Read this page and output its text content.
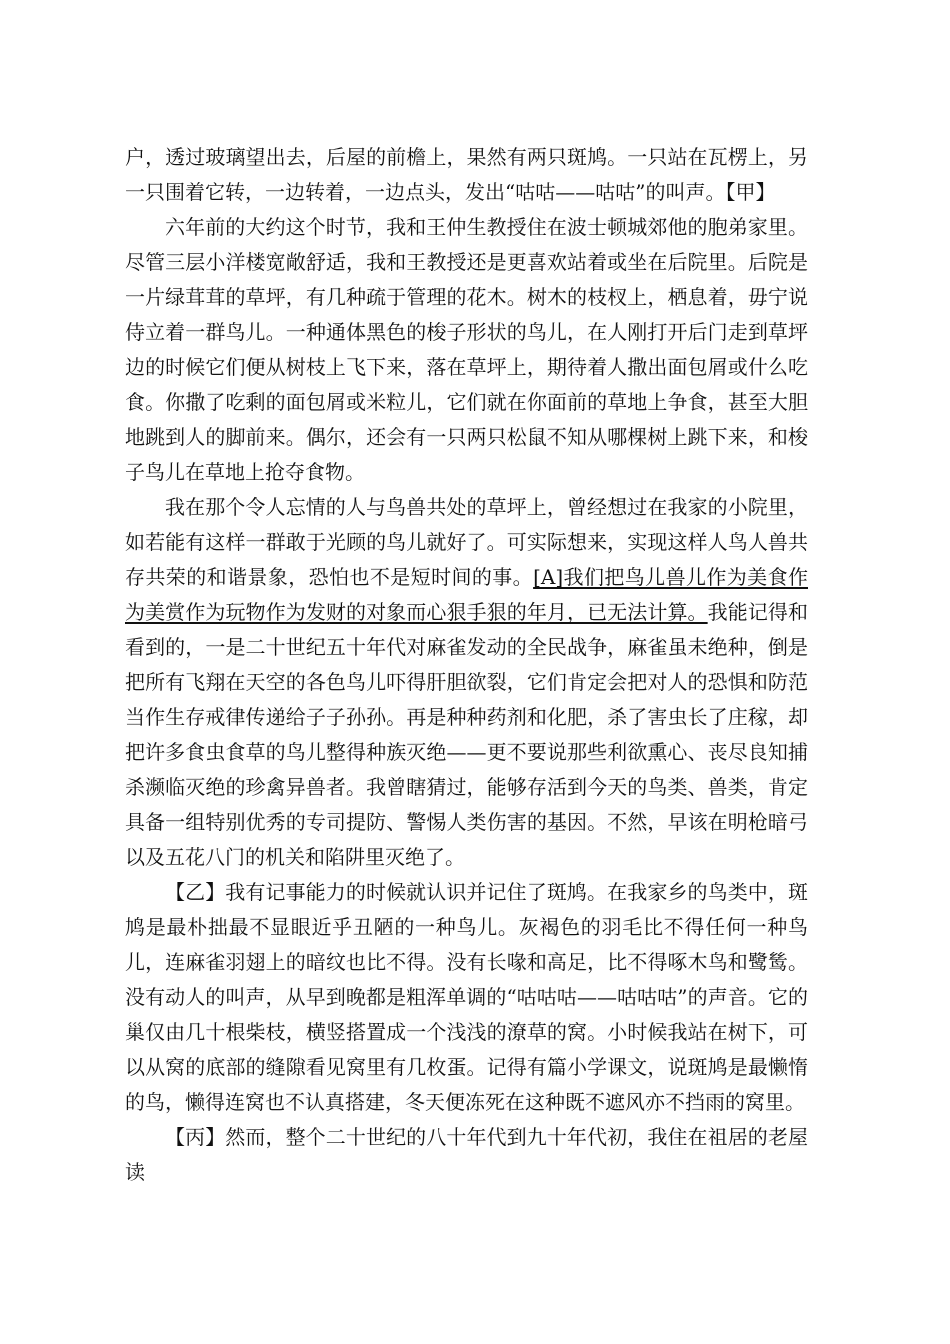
户，透过玻璃望出去，后屋的前檐上，果然有两只斑鸠。一只站在瓦楞上，另一只围着它转，一边转着，一边点头，发出“咕咕——咕咕”的叫声。【甲】

六年前的大约这个时节，我和王仲生教授住在波士顿城郊他的胞弟家里。尽管三层小洋楼宽敞舒适，我和王教授还是更喜欢站着或坐在后院里。后院是一片绿茸茸的草坪，有几种疏于管理的花木。树木的枝杈上，栖息着，毋宁说侍立着一群鸟儿。一种通体黑色的梭子形状的鸟儿，在人刚打开后门走到草坪边的时候它们便从树枝上飞下来，落在草坪上，期待着人撒出面包屑或什么吃食。你撒了吃剩的面包屑或米粒儿，它们就在你面前的草地上争食，甚至大胆地跳到人的脚前来。偶尔，还会有一只两只松鼠不知从哪棵树上跳下来，和梭子鸟儿在草地上抢夺食物。

我在那个令人忘情的人与鸟兽共处的草坪上，曾经想过在我家的小院里，如若能有这样一群敢于光顾的鸟儿就好了。可实际想来，实现这样人鸟人兽共存共荣的和谐景象，恐怕也不是短时间的事。[A]我们把鸟儿兽儿作为美食作为美赏作为玩物作为发财的对象而心狠手狠的年月，已无法计算。我能记得和看到的，一是二十世纪五十年代对麻雀发动的全民战争，麻雀虽未绝种，倒是把所有飞翔在天空的各色鸟儿吓得肝胆欲裂，它们肯定会把对人的恐惧和防范当作生存戒律传递给子子孙孙。再是种种药剂和化肥，杀了害虫长了庄稼，却把许多食虫食草的鸟儿整得种族灭绝——更不要说那些利欲熏心、丧尽良知捕杀濒临灭绝的珍禽异兽者。我曾瞎猜过，能够存活到今天的鸟类、兽类，肯定具备一组特别优秀的专司提防、警惕人类伤害的基因。不然，早该在明枪暗弓以及五花八门的机关和陷阱里灭绝了。

【乙】我有记事能力的时候就认识并记住了斑鸠。在我家乡的鸟类中，斑鸠是最朴拙最不显眼近乎丑陋的一种鸟儿。灰褐色的羽毛比不得任何一种鸟儿，连麻雀羽翅上的暗纹也比不得。没有长喙和高足，比不得啄木鸟和鹭鸶。没有动人的叫声，从早到晚都是粗浑单调的“咕咕咕——咕咕咕”的声音。它的巢仅由几十根柴枝，横竖搭置成一个浅浅的潦草的窝。小时候我站在树下，可以从窝的底部的缝隙看见窝里有几枚蛋。记得有篇小学课文，说斑鸠是最懒惰的鸟，懒得连窝也不认真搭建，冬天便冻死在这种既不遮风亦不挡雨的窝里。

【丙】然而，整个二十世纪的八十年代到九十年代初，我住在祖居的老屋读
